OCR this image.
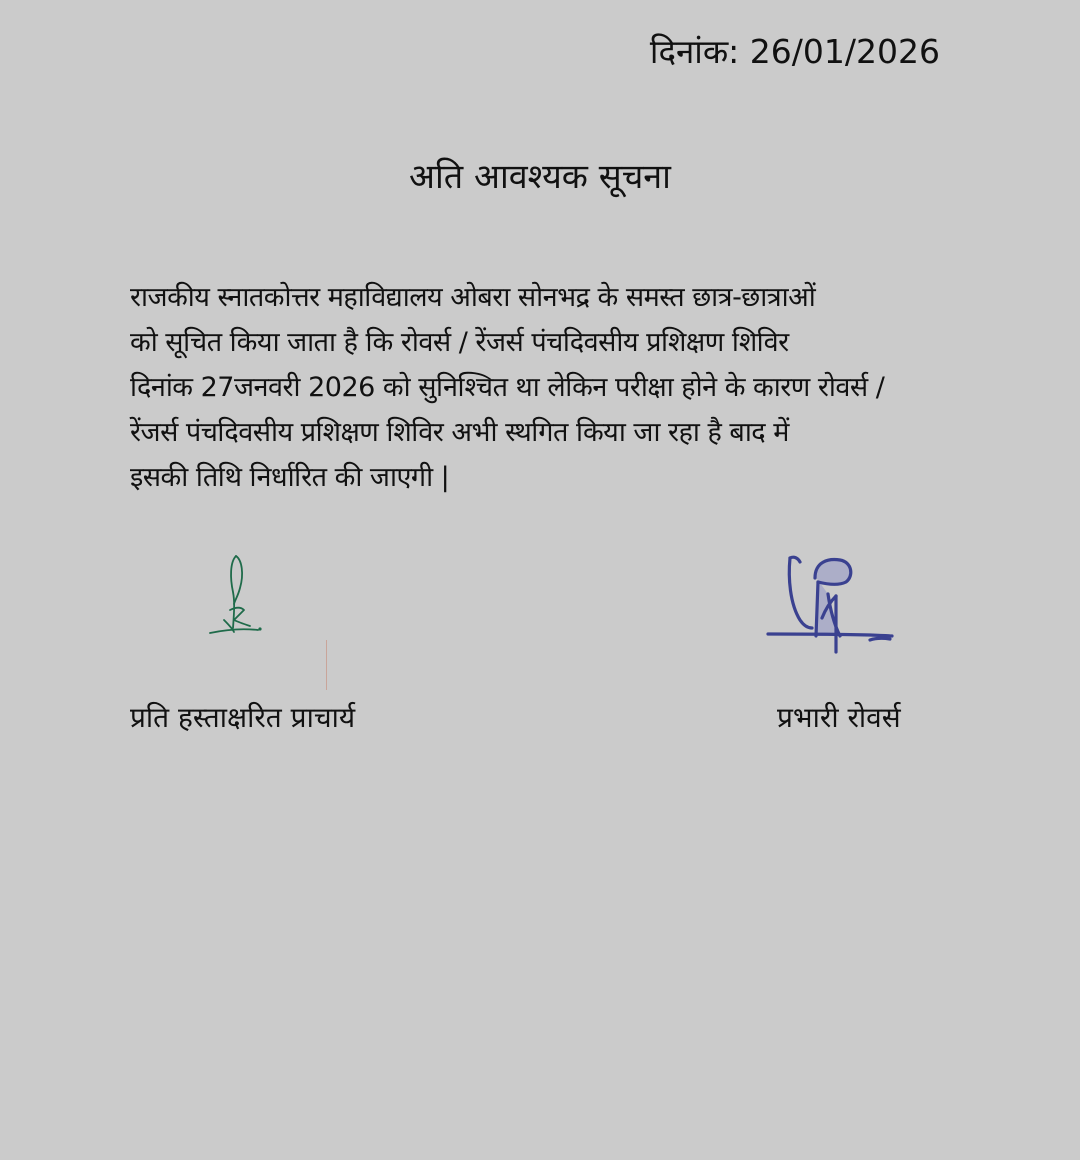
दिनांक: 26/01/2026
अति आवश्यक सूचना
राजकीय स्नातकोत्तर महाविद्यालय ओबरा सोनभद्र के समस्त छात्र-छात्राओं
को सूचित किया जाता है कि रोवर्स / रेंजर्स पंचदिवसीय प्रशिक्षण शिविर
दिनांक 27जनवरी 2026 को सुनिश्चित था लेकिन परीक्षा होने के कारण रोवर्स /
रेंजर्स पंचदिवसीय प्रशिक्षण शिविर अभी स्थगित किया जा रहा है बाद में
इसकी तिथि निर्धारित की जाएगी |
प्रति हस्ताक्षरित प्राचार्य	प्रभारी रोवर्स
